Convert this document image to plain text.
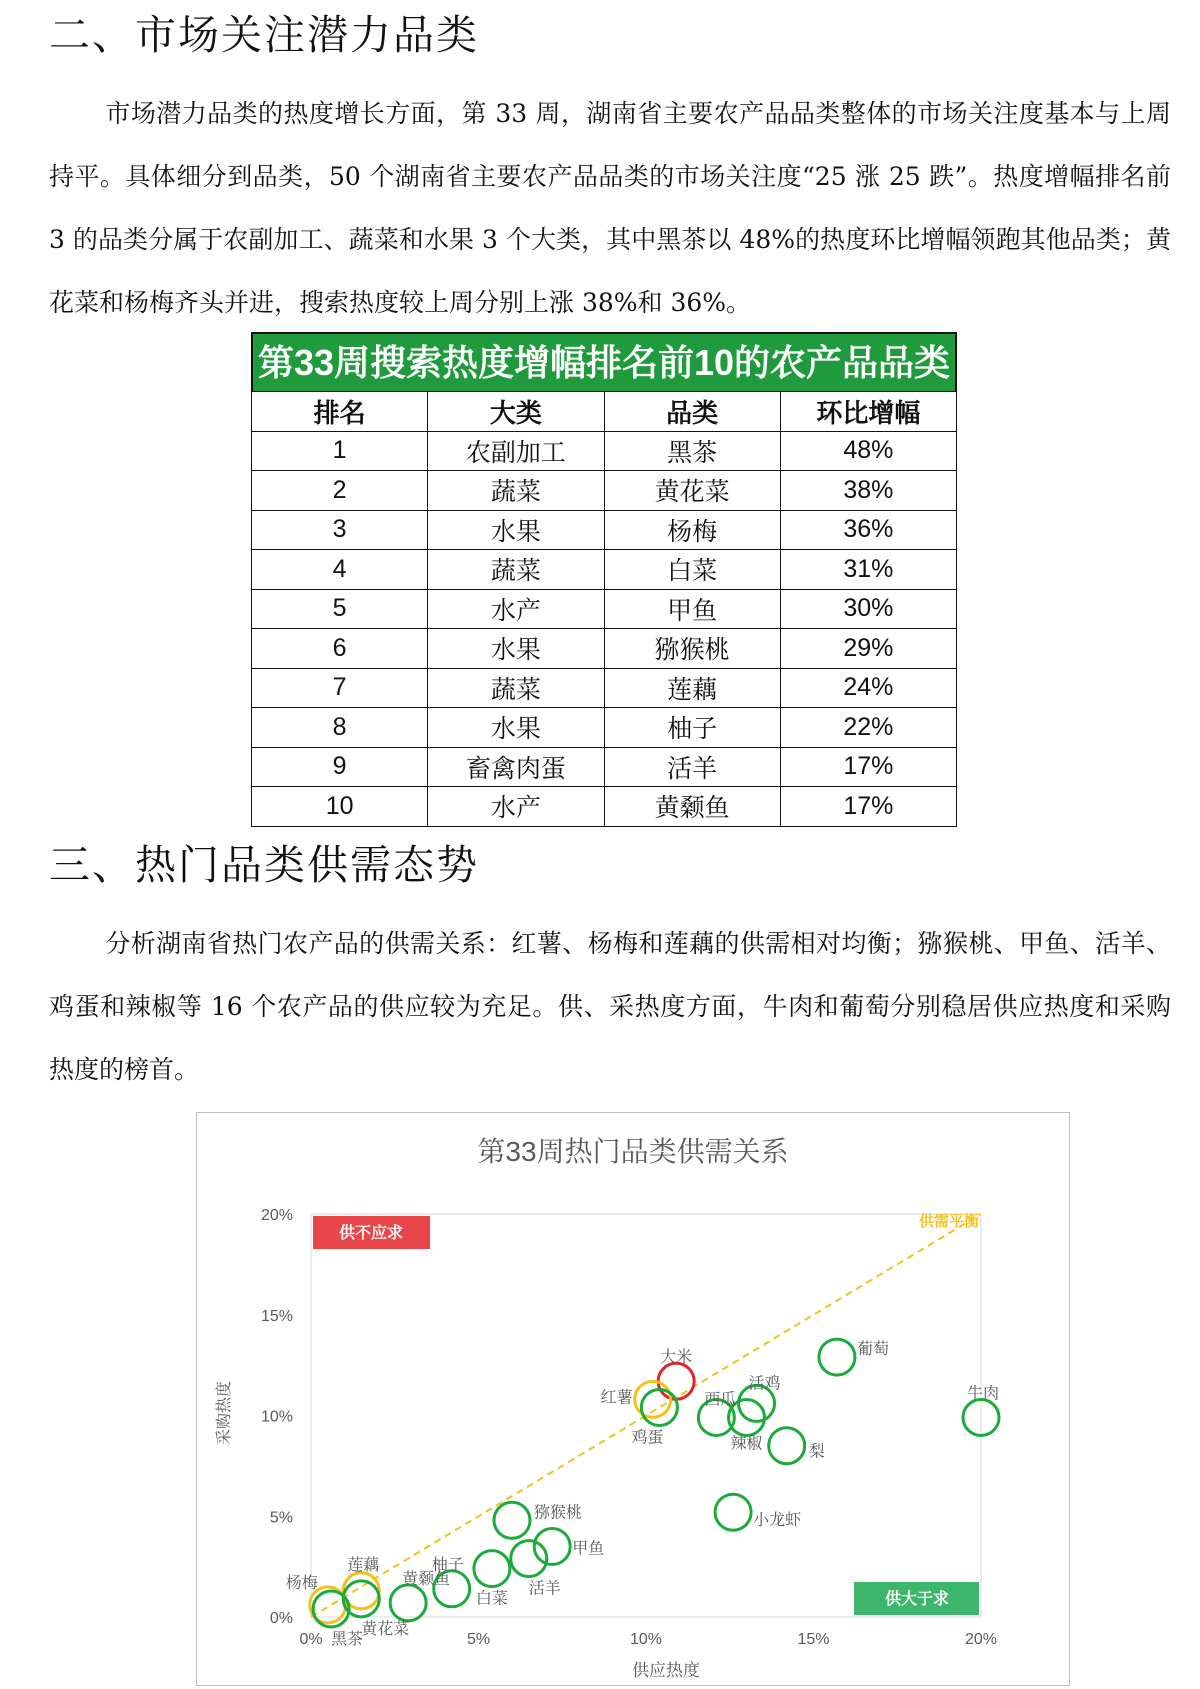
二、市场关注潜力品类
市场潜力品类的热度增长方面，第 33 周，湖南省主要农产品品类整体的市场关注度基本与上周持平。具体细分到品类，50 个湖南省主要农产品品类的市场关注度“25 涨 25 跌”。热度增幅排名前 3 的品类分属于农副加工、蔬菜和水果 3 个大类，其中黑茶以 48%的热度环比增幅领跑其他品类；黄花菜和杨梅齐头并进，搜索热度较上周分别上涨 38%和 36%。
第33周搜索热度增幅排名前10的农产品品类
排名	大类	品类	环比增幅
1	农副加工	黑茶	48%
2	蔬菜	黄花菜	38%
3	水果	杨梅	36%
4	蔬菜	白菜	31%
5	水产	甲鱼	30%
6	水果	猕猴桃	29%
7	蔬菜	莲藕	24%
8	水果	柚子	22%
9	畜禽肉蛋	活羊	17%
10	水产	黄颡鱼	17%
三、热门品类供需态势
分析湖南省热门农产品的供需关系：红薯、杨梅和莲藕的供需相对均衡；猕猴桃、甲鱼、活羊、鸡蛋和辣椒等 16 个农产品的供应较为充足。供、采热度方面，牛肉和葡萄分别稳居供应热度和采购热度的榜首。
第33周热门品类供需关系
采购热度
供应热度
0%
5%
10%
15%
20%
0%	5%	10%	15%	20%
供需平衡
供不应求
供大于求
大米
红薯
杨梅
莲藕
黑茶
黄花菜
黄颡鱼
柚子
白菜
活羊
甲鱼
猕猴桃
鸡蛋
西瓜
辣椒
活鸡
梨
葡萄
牛肉
小龙虾
